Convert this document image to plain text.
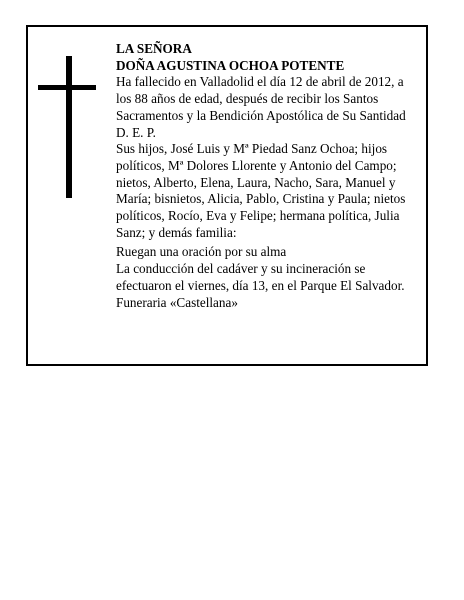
LA SEÑORA

DOÑA AGUSTINA OCHOA POTENTE

Ha fallecido en Valladolid el día 12 de abril de 2012, a los 88 años de edad, después de recibir los Santos Sacramentos y la Bendición Apostólica de Su Santidad D. E. P.

Sus hijos, José Luis y Mª Piedad Sanz Ochoa; hijos políticos, Mª Dolores Llorente y Antonio del Campo; nietos, Alberto, Elena, Laura, Nacho, Sara, Manuel y María; bisnietos, Alicia, Pablo, Cristina y Paula; nietos políticos, Rocío, Eva y Felipe; hermana política, Julia Sanz; y demás familia:

Ruegan una oración por su alma

La conducción del cadáver y su incineración se efectuaron el viernes, día 13, en el Parque El Salvador.

Funeraria «Castellana»
